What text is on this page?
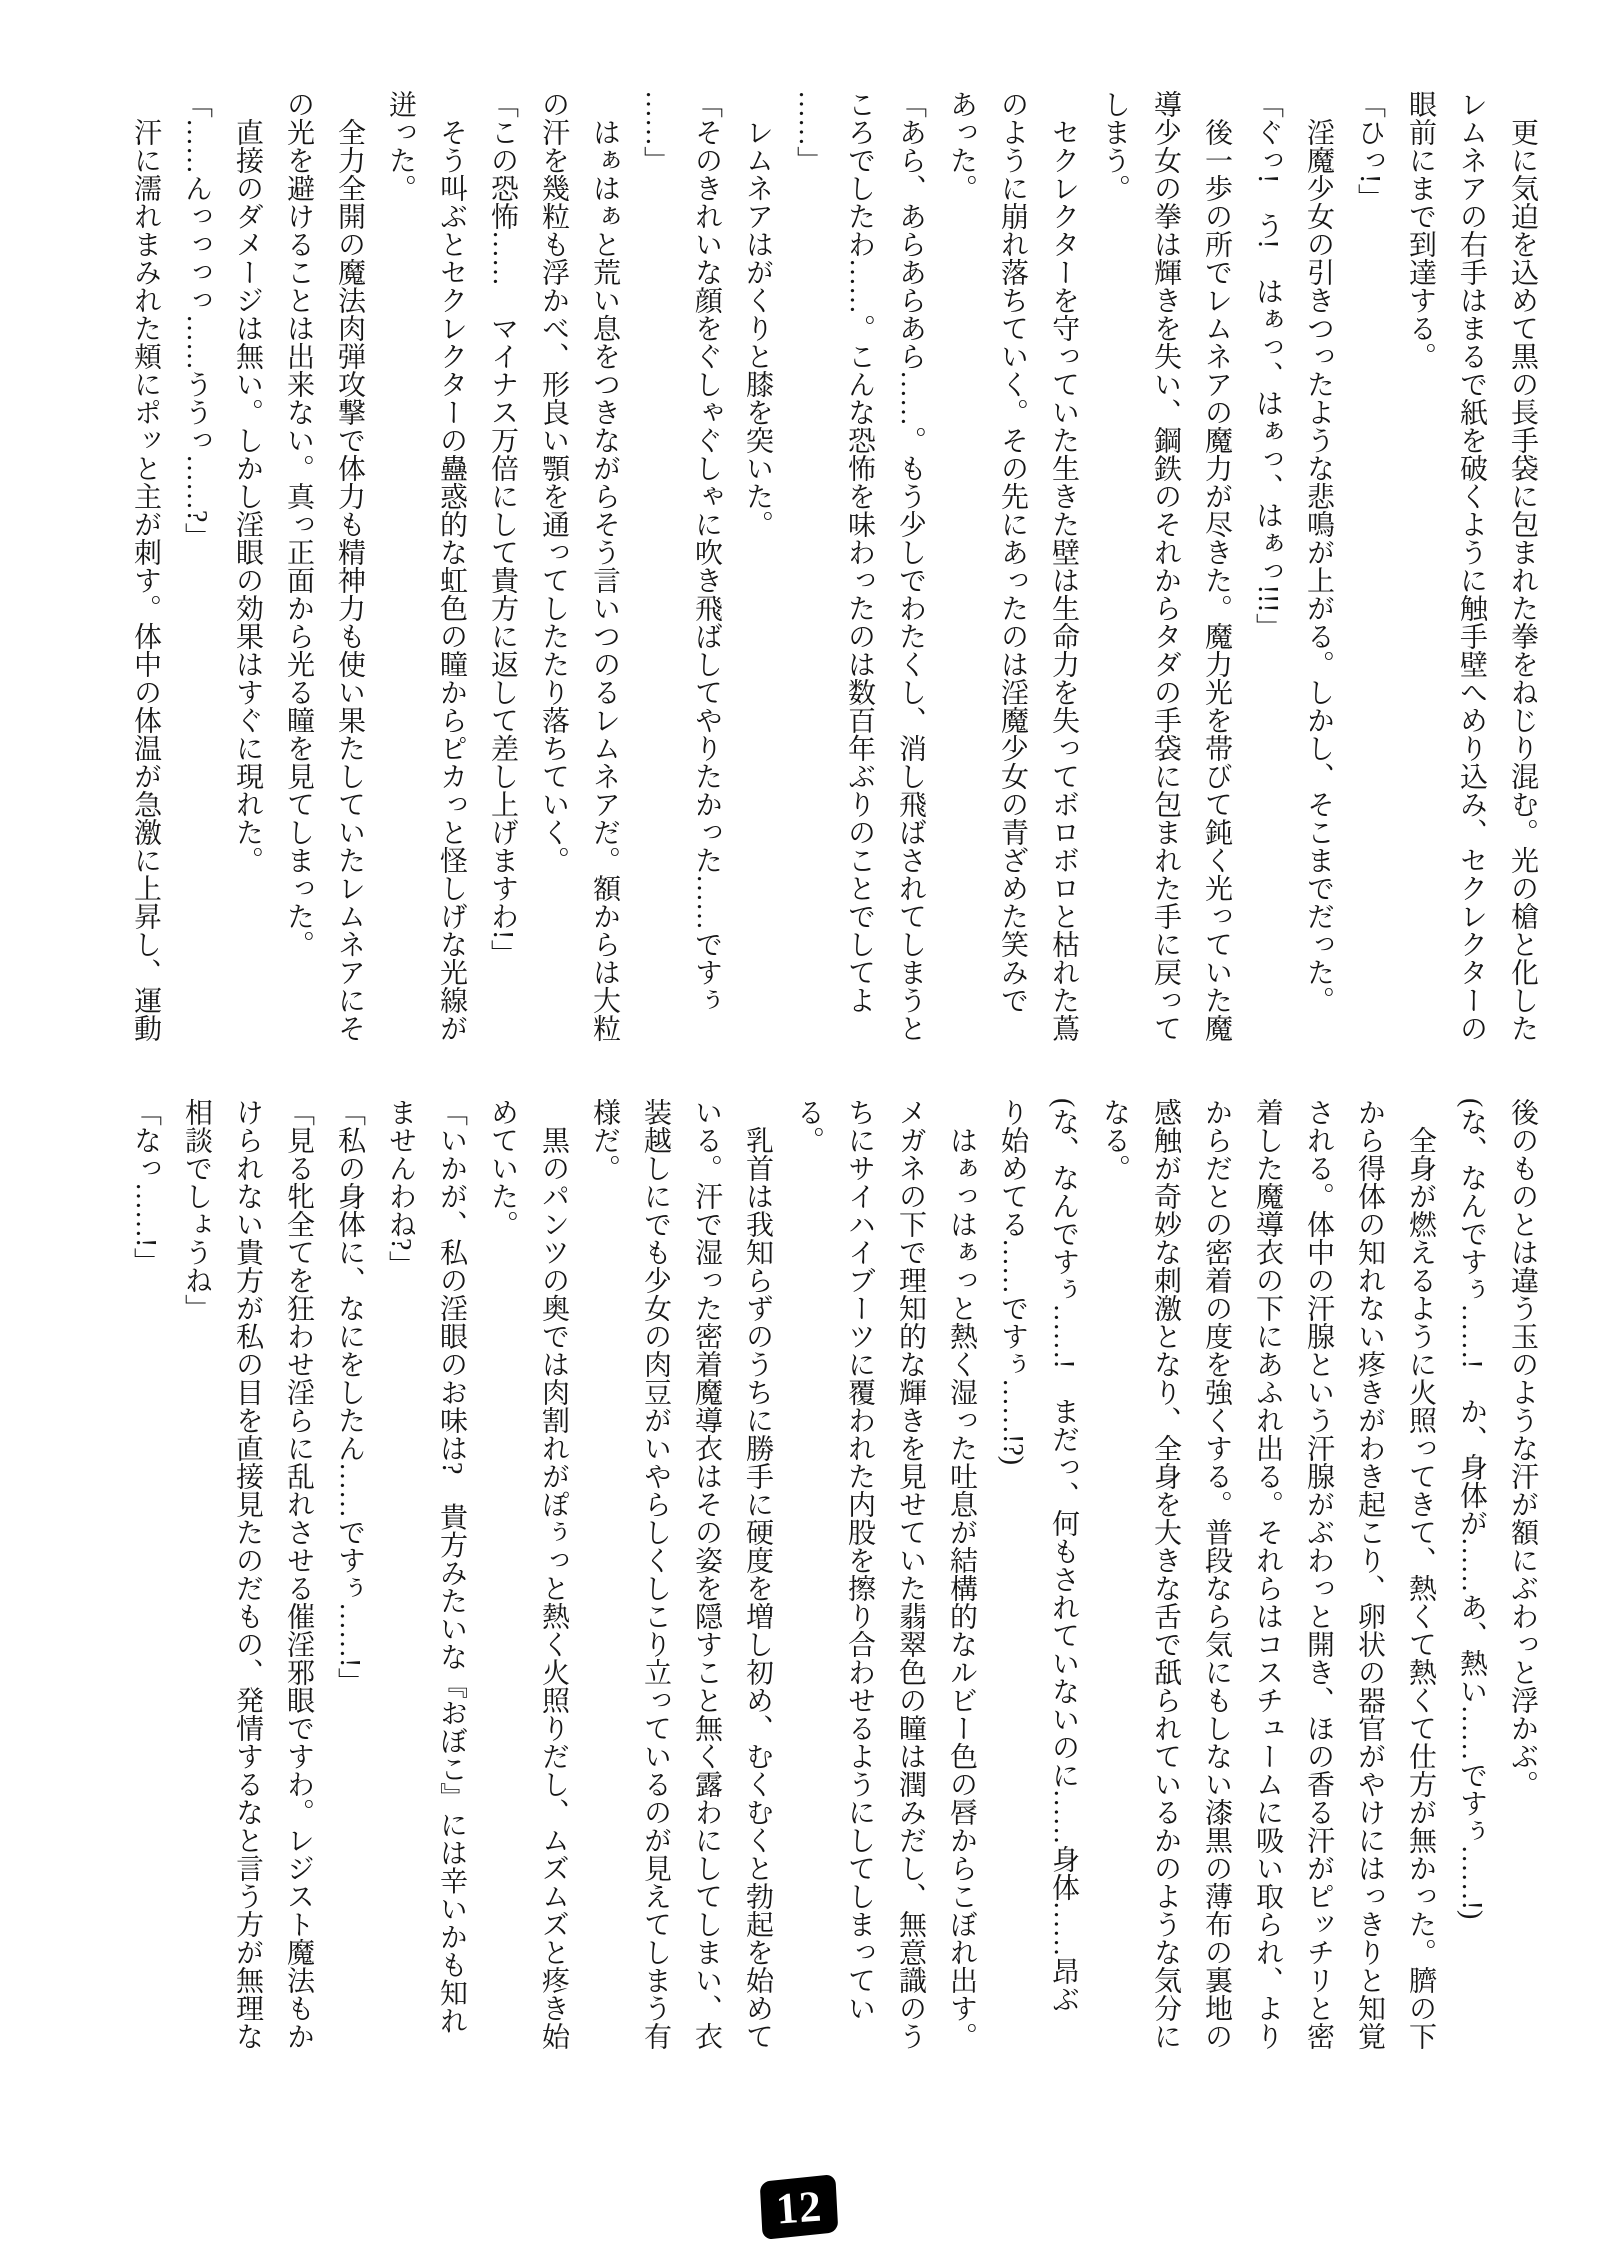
　更に気迫を込めて黒の長手袋に包まれた拳をねじり混む。光の槍と化した

レムネアの右手はまるで紙を破くように触手壁へめり込み、セクレクターの

眼前にまで到達する。

「ひっ!」

　淫魔少女の引きつったような悲鳴が上がる。しかし、そこまでだった。

「ぐっ!　う!　はぁっ、はぁっ、はぁっ!!!」

　後一歩の所でレムネアの魔力が尽きた。魔力光を帯びて鈍く光っていた魔

導少女の拳は輝きを失い、鋼鉄のそれからタダの手袋に包まれた手に戻って

しまう。

　セクレクターを守っていた生きた壁は生命力を失ってボロボロと枯れた蔦

のように崩れ落ちていく。その先にあったのは淫魔少女の青ざめた笑みで

あった。

「あら、あらあらあら……。もう少しでわたくし、消し飛ばされてしまうと

ころでしたわ……。こんな恐怖を味わったのは数百年ぶりのことでしてよ

……」

　レムネアはがくりと膝を突いた。

「そのきれいな顔をぐしゃぐしゃに吹き飛ばしてやりたかった……ですぅ

……」

　はぁはぁと荒い息をつきながらそう言いつのるレムネアだ。額からは大粒

の汗を幾粒も浮かべ、形良い顎を通ってしたたり落ちていく。

「この恐怖……　マイナス万倍にして貴方に返して差し上げますわ!」

　そう叫ぶとセクレクターの蠱惑的な虹色の瞳からピカっと怪しげな光線が

迸った。

　全力全開の魔法肉弾攻撃で体力も精神力も使い果たしていたレムネアにそ

の光を避けることは出来ない。真っ正面から光る瞳を見てしまった。

　直接のダメージは無い。しかし淫眼の効果はすぐに現れた。

「……んっっっっ……ううっ……?」

　汗に濡れまみれた頬にポッと主が刺す。体中の体温が急激に上昇し、運動

後のものとは違う玉のような汗が額にぶわっと浮かぶ。

(な、なんですぅ……!　か、身体が……あ、熱い……ですぅ……!)

　全身が燃えるように火照ってきて、熱くて熱くて仕方が無かった。臍の下

から得体の知れない疼きがわき起こり、卵状の器官がやけにはっきりと知覚

される。体中の汗腺という汗腺がぶわっと開き、ほの香る汗がピッチリと密

着した魔導衣の下にあふれ出る。それらはコスチュームに吸い取られ、より

からだとの密着の度を強くする。普段なら気にもしない漆黒の薄布の裏地の

感触が奇妙な刺激となり、全身を大きな舌で舐られているかのような気分に

なる。

(な、なんですぅ……!　まだっ、何もされていないのに……身体……昂ぶ

り始めてる……ですぅ……!?)

　はぁっはぁっと熱く湿った吐息が結構的なルビー色の唇からこぼれ出す。

メガネの下で理知的な輝きを見せていた翡翠色の瞳は潤みだし、無意識のう

ちにサイハイブーツに覆われた内股を擦り合わせるようにしてしまってい

る。

　乳首は我知らずのうちに勝手に硬度を増し初め、むくむくと勃起を始めて

いる。汗で湿った密着魔導衣はその姿を隠すこと無く露わにしてしまい、衣

装越しにでも少女の肉豆がいやらしくしこり立っているのが見えてしまう有

様だ。

　黒のパンツの奥では肉割れがぽぅっと熱く火照りだし、ムズムズと疼き始

めていた。

「いかが、私の淫眼のお味は?　貴方みたいな『おぼこ』には辛いかも知れ

ませんわね?」

「私の身体に、なにをしたん……ですぅ……!」

「見る牝全てを狂わせ淫らに乱れさせる催淫邪眼ですわ。レジスト魔法もか

けられない貴方が私の目を直接見たのだもの、発情するなと言う方が無理な

相談でしょうね」

「なっ……!」

12
